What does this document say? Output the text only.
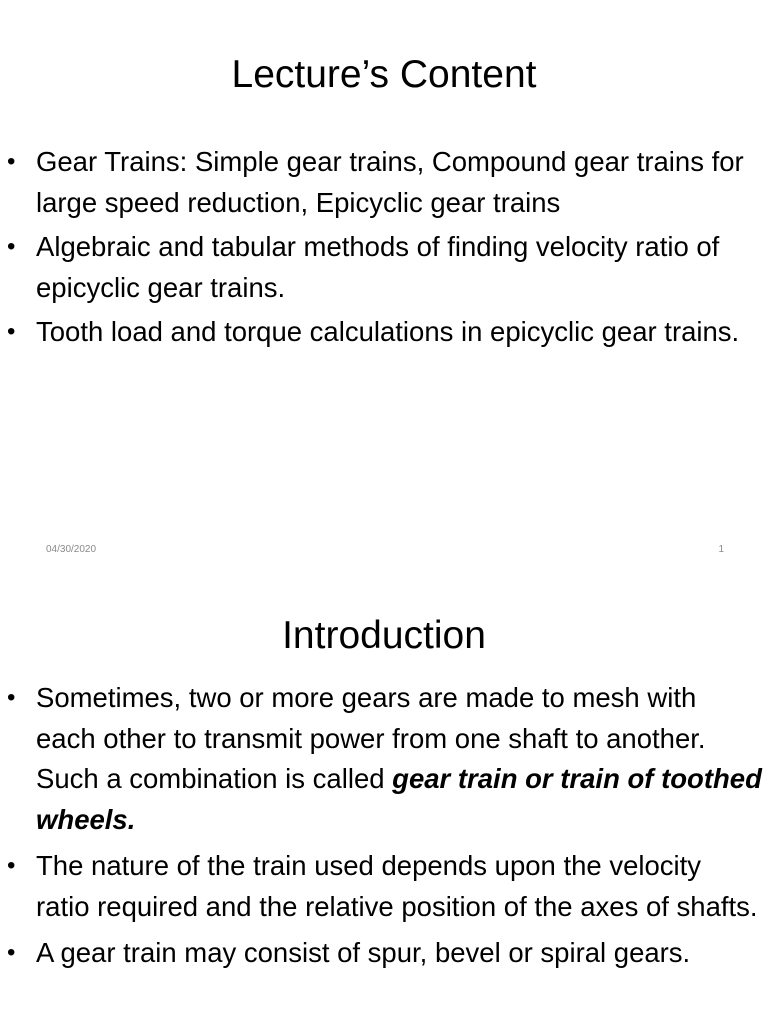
Lecture’s Content
• Gear Trains: Simple gear trains, Compound gear trains for large speed reduction, Epicyclic gear trains
• Algebraic and tabular methods of finding velocity ratio of epicyclic gear trains.
• Tooth load and torque calculations in epicyclic gear trains.
04/30/2020	1
Introduction
• Sometimes, two or more gears are made to mesh with each other to transmit power from one shaft to another. Such a combination is called gear train or train of toothed wheels.
• The nature of the train used depends upon the velocity ratio required and the relative position of the axes of shafts.
• A gear train may consist of spur, bevel or spiral gears.
